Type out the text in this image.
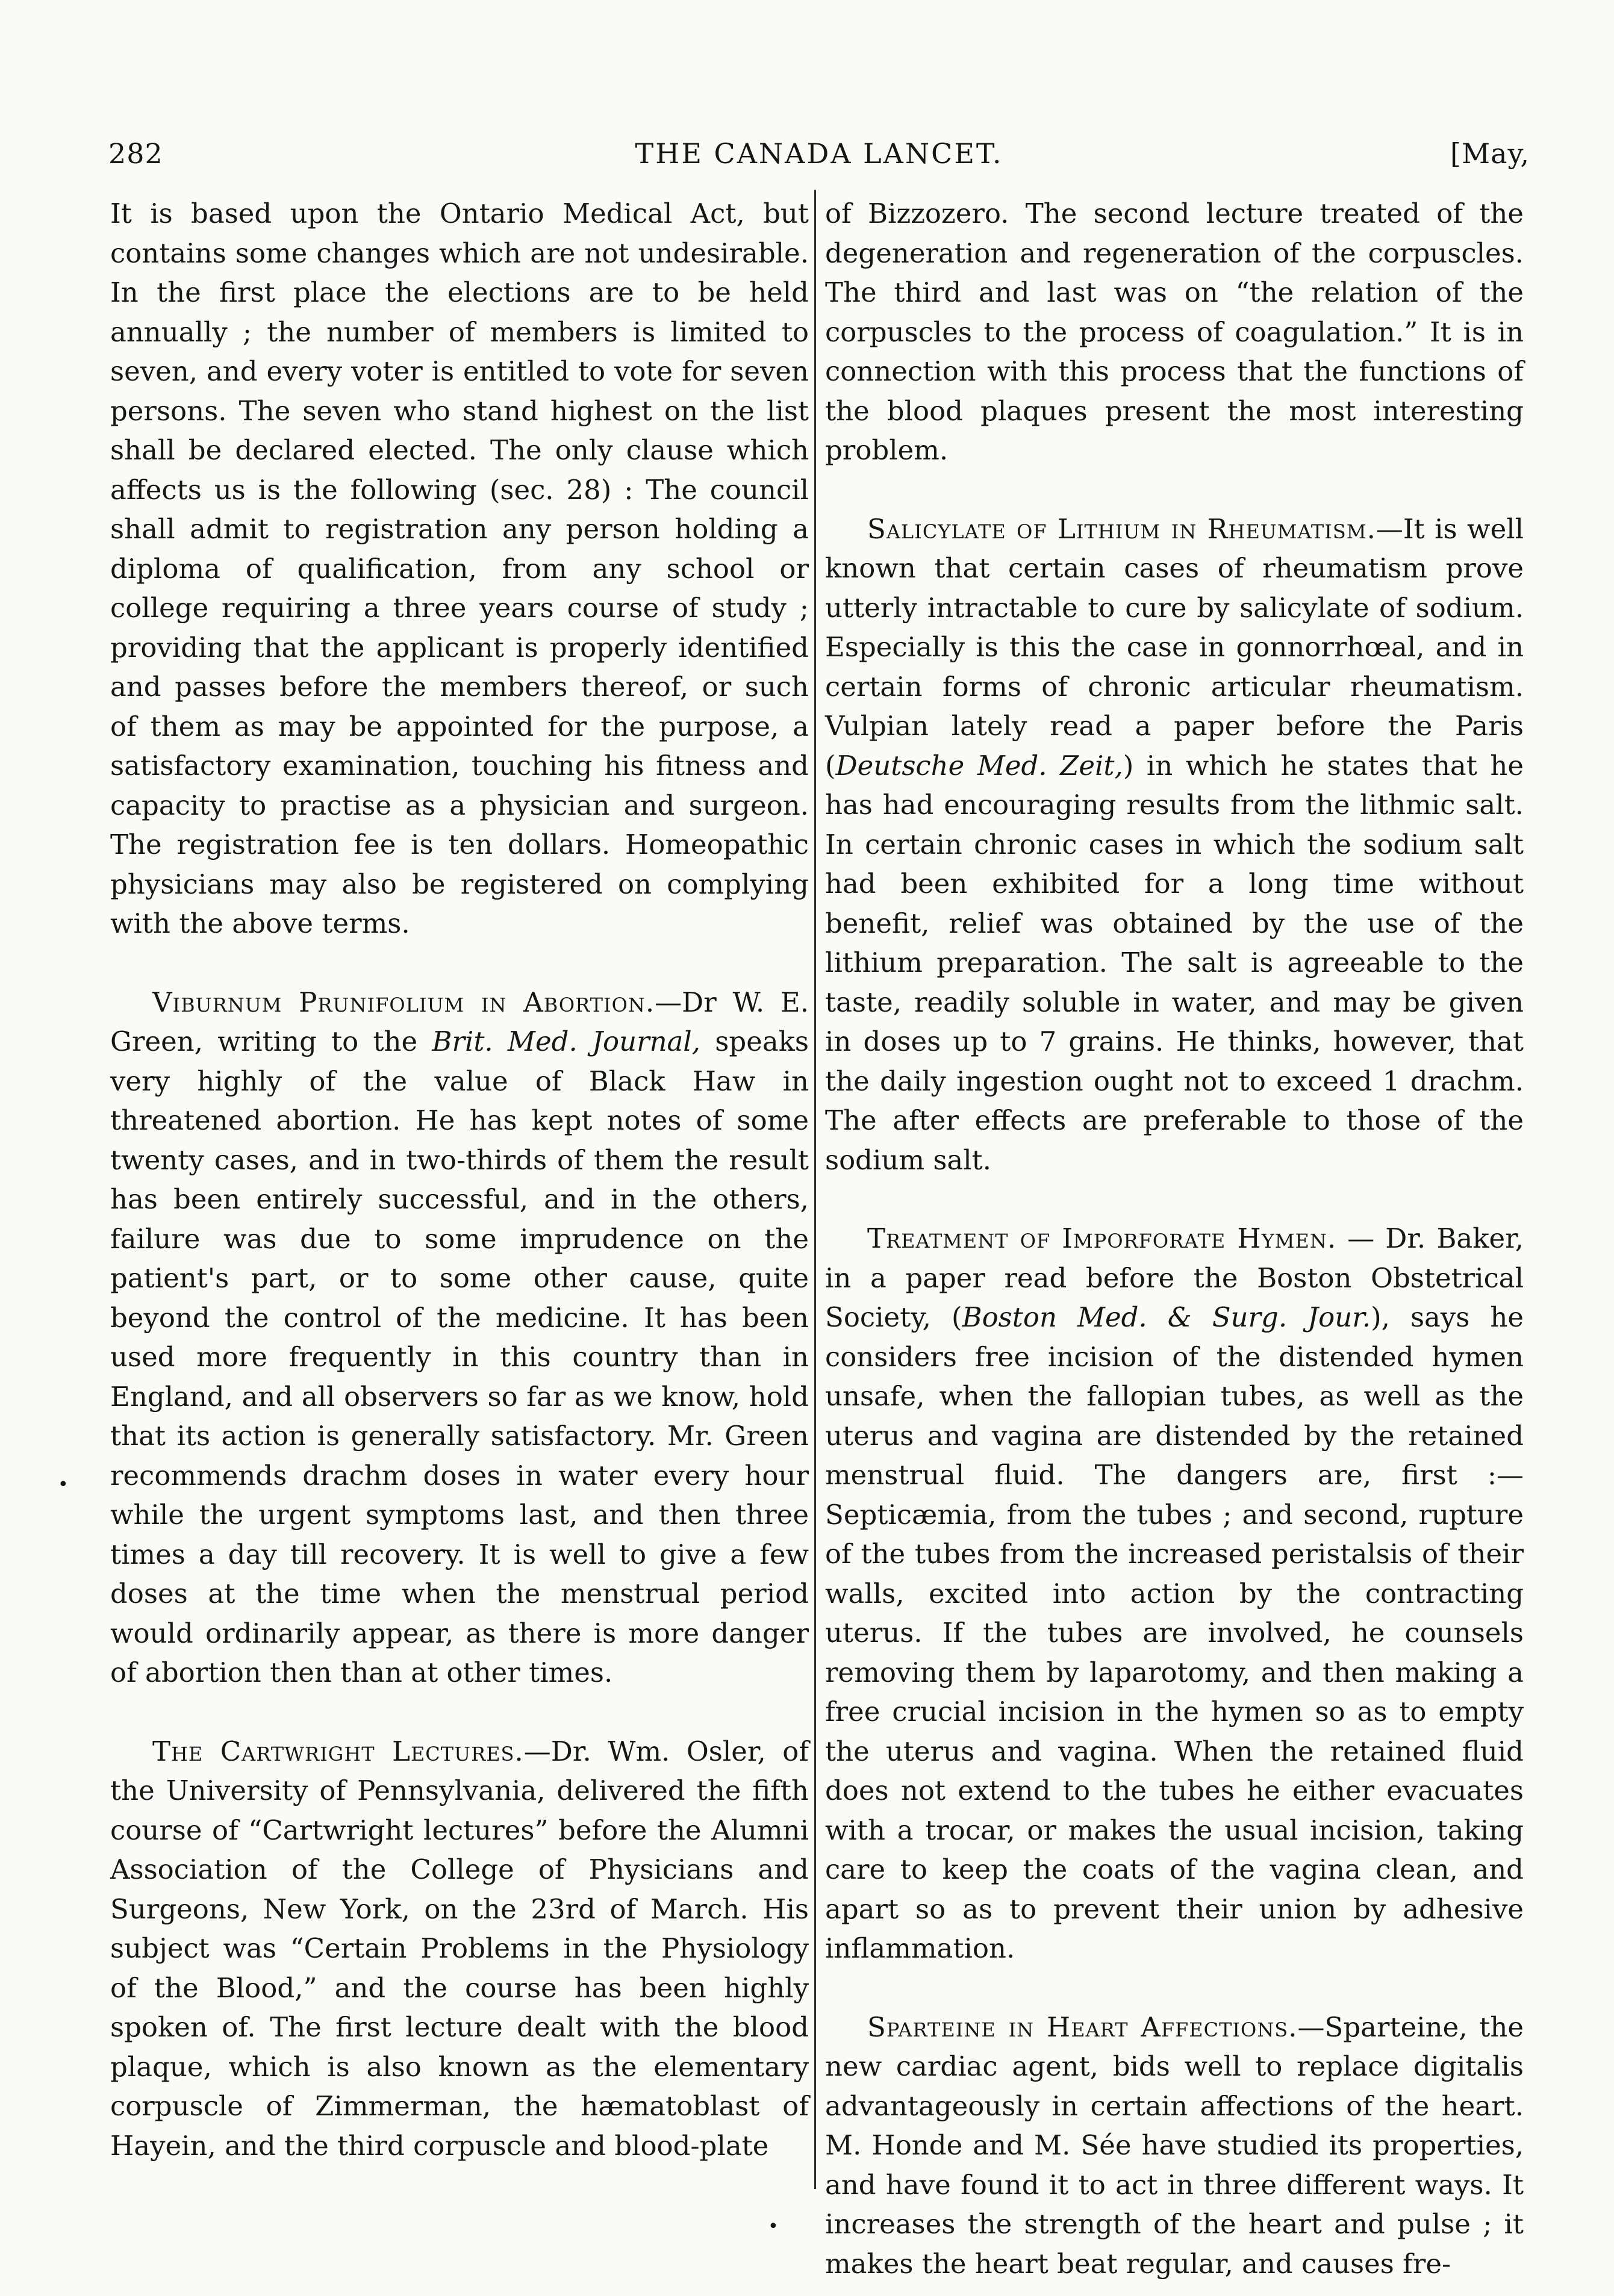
282	THE CANADA LANCET.	[May,

It is based upon the Ontario Medical Act, but contains some changes which are not undesirable. In the first place the elections are to be held annually ; the number of members is limited to seven, and every voter is entitled to vote for seven persons. The seven who stand highest on the list shall be declared elected. The only clause which affects us is the following (sec. 28) : The council shall admit to registration any person holding a diploma of qualification, from any school or college requiring a three years course of study ; providing that the applicant is properly identified and passes before the members thereof, or such of them as may be appointed for the purpose, a satisfactory examination, touching his fitness and capacity to practise as a physician and surgeon. The registration fee is ten dollars. Homeopathic physicians may also be registered on complying with the above terms.

Viburnum Prunifolium in Abortion.—Dr W. E. Green, writing to the Brit. Med. Journal, speaks very highly of the value of Black Haw in threatened abortion. He has kept notes of some twenty cases, and in two-thirds of them the result has been entirely successful, and in the others, failure was due to some imprudence on the patient's part, or to some other cause, quite beyond the control of the medicine. It has been used more frequently in this country than in England, and all observers so far as we know, hold that its action is generally satisfactory. Mr. Green recommends drachm doses in water every hour while the urgent symptoms last, and then three times a day till recovery. It is well to give a few doses at the time when the menstrual period would ordinarily appear, as there is more danger of abortion then than at other times.

The Cartwright Lectures.—Dr. Wm. Osler, of the University of Pennsylvania, delivered the fifth course of “Cartwright lectures” before the Alumni Association of the College of Physicians and Surgeons, New York, on the 23rd of March. His subject was “Certain Problems in the Physiology of the Blood,” and the course has been highly spoken of. The first lecture dealt with the blood plaque, which is also known as the elementary corpuscle of Zimmerman, the hæmatoblast of Hayein, and the third corpuscle and blood-plate

of Bizzozero. The second lecture treated of the degeneration and regeneration of the corpuscles. The third and last was on “the relation of the corpuscles to the process of coagulation.” It is in connection with this process that the functions of the blood plaques present the most interesting problem.

Salicylate of Lithium in Rheumatism.—It is well known that certain cases of rheumatism prove utterly intractable to cure by salicylate of sodium. Especially is this the case in gonnorrhœal, and in certain forms of chronic articular rheumatism. Vulpian lately read a paper before the Paris (Deutsche Med. Zeit,) in which he states that he has had encouraging results from the lithmic salt. In certain chronic cases in which the sodium salt had been exhibited for a long time without benefit, relief was obtained by the use of the lithium preparation. The salt is agreeable to the taste, readily soluble in water, and may be given in doses up to 7 grains. He thinks, however, that the daily ingestion ought not to exceed 1 drachm. The after effects are preferable to those of the sodium salt.

Treatment of Imporforate Hymen. — Dr. Baker, in a paper read before the Boston Obstetrical Society, (Boston Med. & Surg. Jour.), says he considers free incision of the distended hymen unsafe, when the fallopian tubes, as well as the uterus and vagina are distended by the retained menstrual fluid. The dangers are, first :—Septicæmia, from the tubes ; and second, rupture of the tubes from the increased peristalsis of their walls, excited into action by the contracting uterus. If the tubes are involved, he counsels removing them by laparotomy, and then making a free crucial incision in the hymen so as to empty the uterus and vagina. When the retained fluid does not extend to the tubes he either evacuates with a trocar, or makes the usual incision, taking care to keep the coats of the vagina clean, and apart so as to prevent their union by adhesive inflammation.

Sparteine in Heart Affections.—Sparteine, the new cardiac agent, bids well to replace digitalis advantageously in certain affections of the heart. M. Honde and M. Sée have studied its properties, and have found it to act in three different ways. It increases the strength of the heart and pulse ; it makes the heart beat regular, and causes fre-

•
•
